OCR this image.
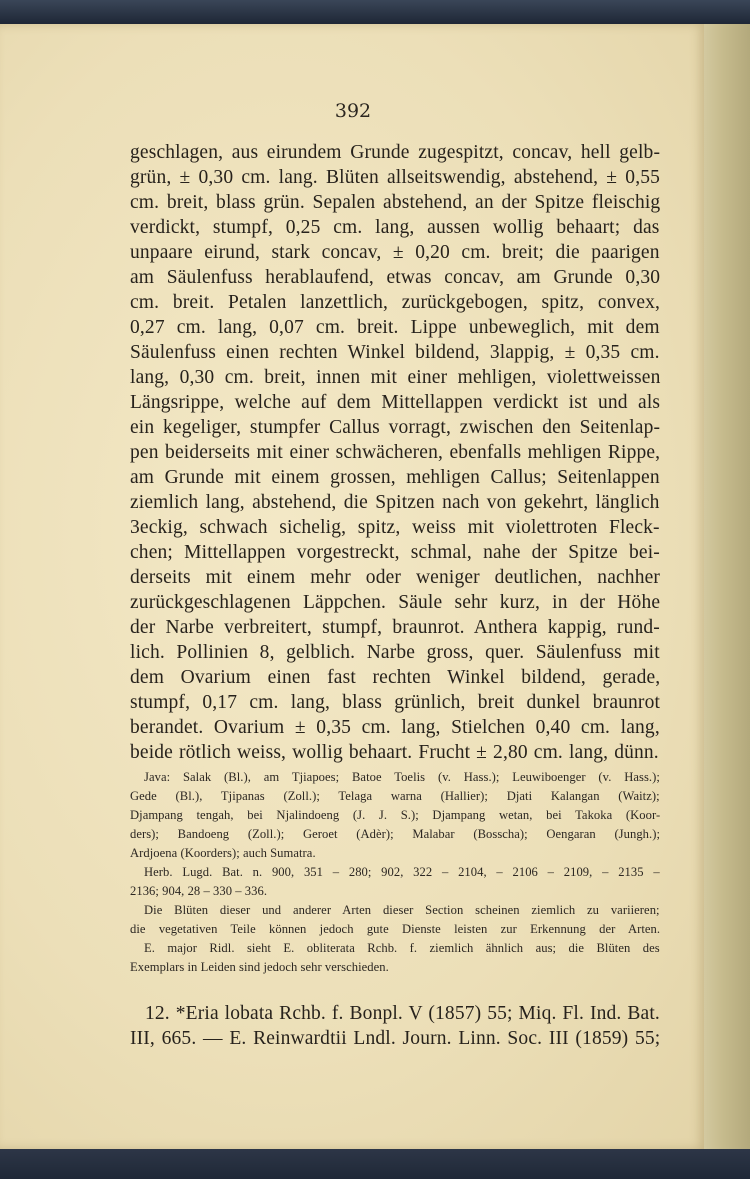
392

geschlagen, aus eirundem Grunde zugespitzt, concav, hell gelb-

grün, ± 0,30 cm. lang. Blüten allseitswendig, abstehend, ± 0,55

cm. breit, blass grün. Sepalen abstehend, an der Spitze fleischig

verdickt, stumpf, 0,25 cm. lang, aussen wollig behaart; das

unpaare eirund, stark concav, ± 0,20 cm. breit; die paarigen

am Säulenfuss herablaufend, etwas concav, am Grunde 0,30

cm. breit. Petalen lanzettlich, zurückgebogen, spitz, convex,

0,27 cm. lang, 0,07 cm. breit. Lippe unbeweglich, mit dem

Säulenfuss einen rechten Winkel bildend, 3lappig, ± 0,35 cm.

lang, 0,30 cm. breit, innen mit einer mehligen, violettweissen

Längsrippe, welche auf dem Mittellappen verdickt ist und als

ein kegeliger, stumpfer Callus vorragt, zwischen den Seitenlap-

pen beiderseits mit einer schwächeren, ebenfalls mehligen Rippe,

am Grunde mit einem grossen, mehligen Callus; Seitenlappen

ziemlich lang, abstehend, die Spitzen nach von gekehrt, länglich

3eckig, schwach sichelig, spitz, weiss mit violettroten Fleck-

chen; Mittellappen vorgestreckt, schmal, nahe der Spitze bei-

derseits mit einem mehr oder weniger deutlichen, nachher

zurückgeschlagenen Läppchen. Säule sehr kurz, in der Höhe

der Narbe verbreitert, stumpf, braunrot. Anthera kappig, rund-

lich. Pollinien 8, gelblich. Narbe gross, quer. Säulenfuss mit

dem Ovarium einen fast rechten Winkel bildend, gerade,

stumpf, 0,17 cm. lang, blass grünlich, breit dunkel braunrot

berandet. Ovarium ± 0,35 cm. lang, Stielchen 0,40 cm. lang,

beide rötlich weiss, wollig behaart. Frucht ± 2,80 cm. lang, dünn.

Java: Salak (Bl.), am Tjiapoes; Batoe Toelis (v. Hass.); Leuwiboenger (v. Hass.);

Gede (Bl.), Tjipanas (Zoll.); Telaga warna (Hallier); Djati Kalangan (Waitz);

Djampang tengah, bei Njalindoeng (J. J. S.); Djampang wetan, bei Takoka (Koor-

ders); Bandoeng (Zoll.); Geroet (Adèr); Malabar (Bosscha); Oengaran (Jungh.);

Ardjoena (Koorders); auch Sumatra.

Herb. Lugd. Bat. n. 900, 351 – 280; 902, 322 – 2104, – 2106 – 2109, – 2135 –

2136; 904, 28 – 330 – 336.

Die Blüten dieser und anderer Arten dieser Section scheinen ziemlich zu variieren;

die vegetativen Teile können jedoch gute Dienste leisten zur Erkennung der Arten.

E. major Ridl. sieht E. obliterata Rchb. f. ziemlich ähnlich aus; die Blüten des

Exemplars in Leiden sind jedoch sehr verschieden.

12. *Eria lobata Rchb. f. Bonpl. V (1857) 55; Miq. Fl. Ind. Bat.

III, 665. — E. Reinwardtii Lndl. Journ. Linn. Soc. III (1859) 55;
